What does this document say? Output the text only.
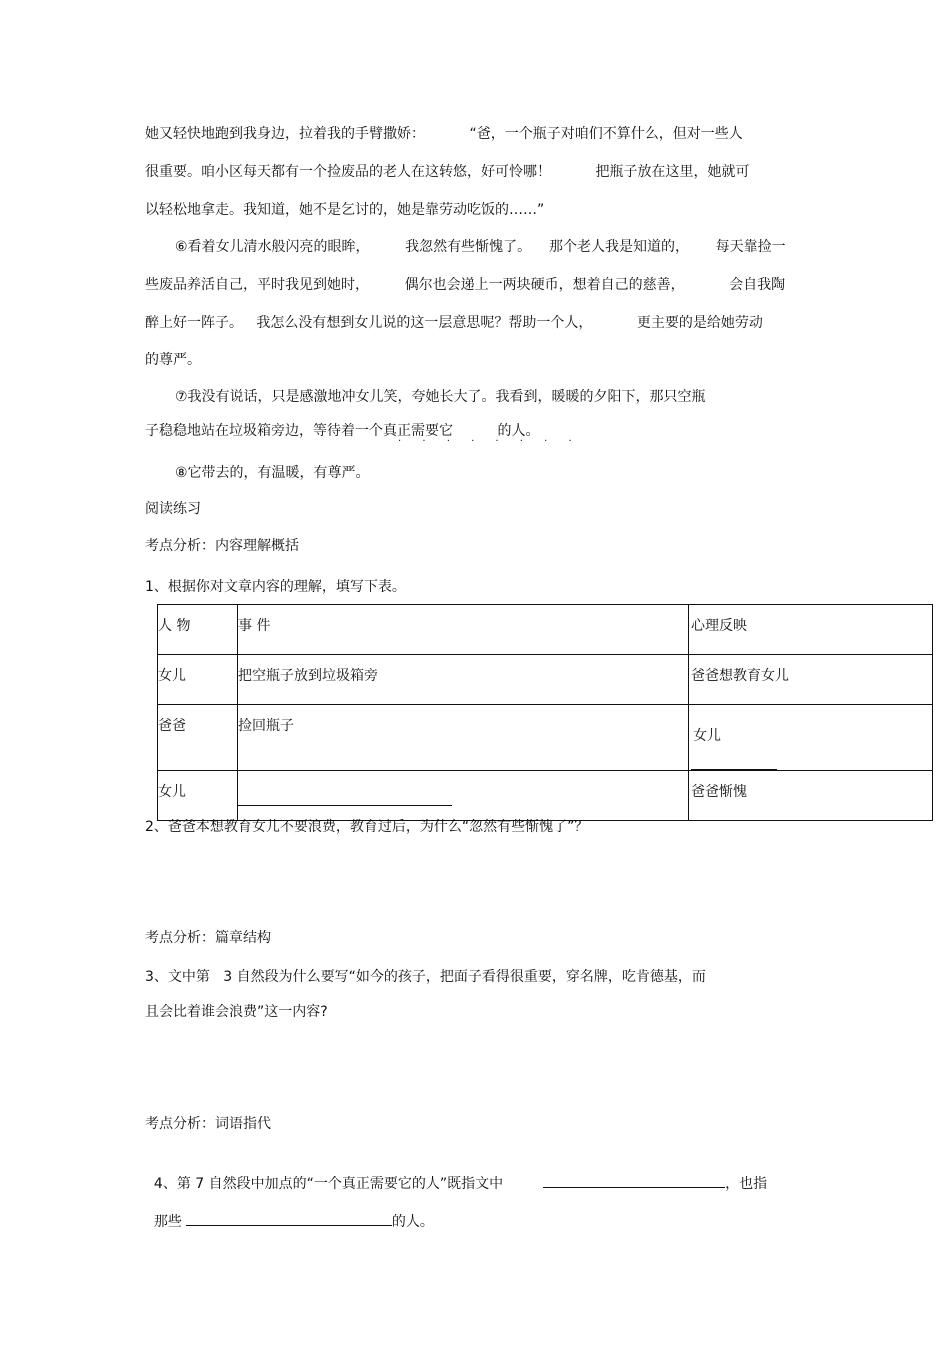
她又轻快地跑到我身边，拉着我的手臂撒娇：          “爸，一个瓶子对咱们不算什么，但对一些人
很重要。咱小区每天都有一个捡废品的老人在这转悠，好可怜哪！          把瓶子放在这里，她就可
以轻松地拿走。我知道，她不是乞讨的，她是靠劳动吃饭的……”
⑥看着女儿清水般闪亮的眼眸，        我忽然有些惭愧了。    那个老人我是知道的，      每天靠捡一
些废品养活自己，平时我见到她时，        偶尔也会递上一两块硬币，想着自己的慈善，          会自我陶
醉上好一阵子。   我怎么没有想到女儿说的这一层意思呢？帮助一个人，          更主要的是给她劳动
的尊严。
⑦我没有说话，只是感激地冲女儿笑，夸她长大了。我看到，暖暖的夕阳下，那只空瓶
子稳稳地站在垃圾箱旁边，等待着一个真正需要它          的人。
· · · · · · · ·
⑧它带去的，有温暖，有尊严。
阅读练习
考点分析：内容理解概括
1、根据你对文章内容的理解，填写下表。
人 物	事 件	心理反映

女儿	把空瓶子放到垃圾箱旁	爸爸想教育女儿

爸爸	捡回瓶子	女儿

女儿		爸爸惭愧
2、爸爸本想教育女儿不要浪费，教育过后，为什么“忽然有些惭愧了”？
考点分析：篇章结构
3、文中第   3 自然段为什么要写“如今的孩子，把面子看得很重要，穿名牌，吃肯德基，而
且会比着谁会浪费”这一内容?
考点分析：词语指代

4、第 7 自然段中加点的“一个真正需要它的人”既指文中	，也指

那些	的人。
